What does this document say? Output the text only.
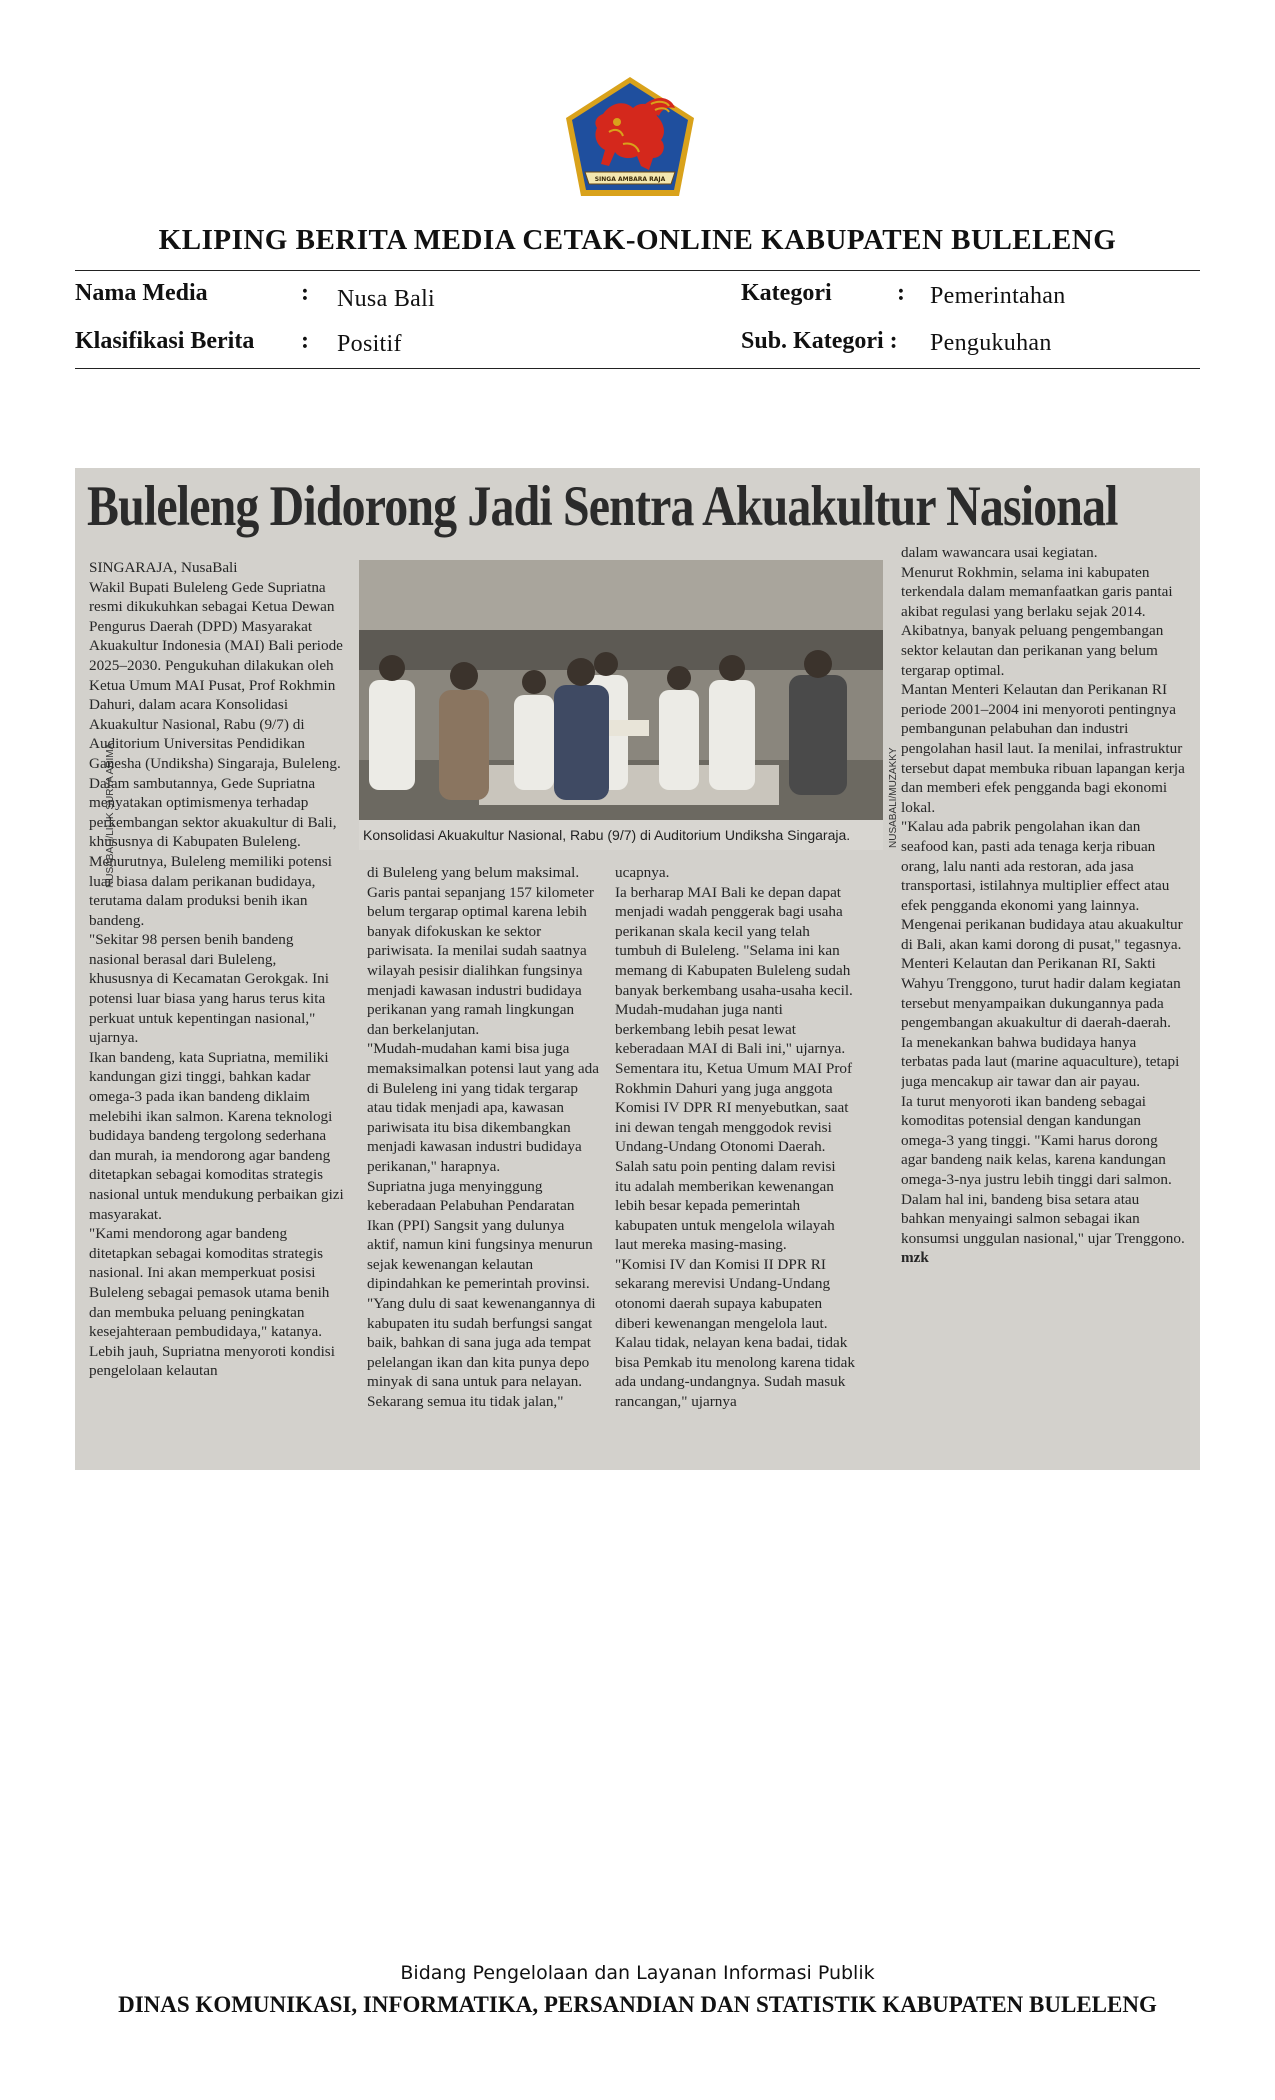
SINGA AMBARA RAJA
KLIPING BERITA MEDIA CETAK-ONLINE KABUPATEN BULELENG
Nama Media	: Nusa Bali
Klasifikasi Berita : Positif
Kategori	: Pemerintahan
Sub. Kategori : Pengukuhan
Buleleng Didorong Jadi Sentra Akuakultur Nasional
SINGARAJA, NusaBali
Wakil Bupati Buleleng Gede Supriatna resmi dikukuhkan sebagai Ketua Dewan Pengurus Daerah (DPD) Masyarakat Akuakultur Indonesia (MAI) Bali periode 2025–2030. Pengukuhan dilakukan oleh Ketua Umum MAI Pusat, Prof Rokhmin Dahuri, dalam acara Konsolidasi Akuakultur Nasional, Rabu (9/7) di Auditorium Universitas Pendidikan Ganesha (Undiksha) Singaraja, Buleleng.
Dalam sambutannya, Gede Supriatna menyatakan optimismenya terhadap perkembangan sektor akuakultur di Bali, khususnya di Kabupaten Buleleng. Menurutnya, Buleleng memiliki potensi luar biasa dalam perikanan budidaya, terutama dalam produksi benih ikan bandeng.
"Sekitar 98 persen benih bandeng nasional berasal dari Buleleng, khususnya di Kecamatan Gerokgak. Ini potensi luar biasa yang harus terus kita perkuat untuk kepentingan nasional," ujarnya.
Ikan bandeng, kata Supriatna, memiliki kandungan gizi tinggi, bahkan kadar omega-3 pada ikan bandeng diklaim melebihi ikan salmon. Karena teknologi budidaya bandeng tergolong sederhana dan murah, ia mendorong agar bandeng ditetapkan sebagai komoditas strategis nasional untuk mendukung perbaikan gizi masyarakat.
"Kami mendorong agar bandeng ditetapkan sebagai komoditas strategis nasional. Ini akan memperkuat posisi Buleleng sebagai pemasok utama benih dan membuka peluang peningkatan kesejahteraan pembudidaya," katanya.
Lebih jauh, Supriatna menyoroti kondisi pengelolaan kelautan
Konsolidasi Akuakultur Nasional, Rabu (9/7) di Auditorium Undiksha Singaraja.	NUSABALI/MUZAKKY
NUSABALI/LILIK SURYA ARIMA	di Buleleng yang belum maksimal. Garis pantai sepanjang 157 kilometer belum tergarap optimal karena lebih banyak difokuskan ke sektor pariwisata. Ia menilai sudah saatnya wilayah pesisir dialihkan fungsinya menjadi kawasan industri budidaya perikanan yang ramah lingkungan dan berkelanjutan.
"Mudah-mudahan kami bisa juga memaksimalkan potensi laut yang ada di Buleleng ini yang tidak tergarap atau tidak menjadi apa, kawasan pariwisata itu bisa dikembangkan menjadi kawasan industri budidaya perikanan," harapnya.
Supriatna juga menyinggung keberadaan Pelabuhan Pendaratan Ikan (PPI) Sangsit yang dulunya aktif, namun kini fungsinya menurun sejak kewenangan kelautan dipindahkan ke pemerintah provinsi.
"Yang dulu di saat kewenangannya di kabupaten itu sudah berfungsi sangat baik, bahkan di sana juga ada tempat pelelangan ikan dan kita punya depo minyak di sana untuk para nelayan. Sekarang semua itu tidak jalan,"
ucapnya.
Ia berharap MAI Bali ke depan dapat menjadi wadah penggerak bagi usaha perikanan skala kecil yang telah tumbuh di Buleleng. "Selama ini kan memang di Kabupaten Buleleng sudah banyak berkembang usaha-usaha kecil. Mudah-mudahan juga nanti berkembang lebih pesat lewat keberadaan MAI di Bali ini," ujarnya.
Sementara itu, Ketua Umum MAI Prof Rokhmin Dahuri yang juga anggota Komisi IV DPR RI menyebutkan, saat ini dewan tengah menggodok revisi Undang-Undang Otonomi Daerah. Salah satu poin penting dalam revisi itu adalah memberikan kewenangan lebih besar kepada pemerintah kabupaten untuk mengelola wilayah laut mereka masing-masing.
"Komisi IV dan Komisi II DPR RI sekarang merevisi Undang-Undang otonomi daerah supaya kabupaten diberi kewenangan mengelola laut. Kalau tidak, nelayan kena badai, tidak bisa Pemkab itu menolong karena tidak ada undang-undangnya. Sudah masuk rancangan," ujarnya
dalam wawancara usai kegiatan.
Menurut Rokhmin, selama ini kabupaten terkendala dalam memanfaatkan garis pantai akibat regulasi yang berlaku sejak 2014. Akibatnya, banyak peluang pengembangan sektor kelautan dan perikanan yang belum tergarap optimal.
Mantan Menteri Kelautan dan Perikanan RI periode 2001–2004 ini menyoroti pentingnya pembangunan pelabuhan dan industri pengolahan hasil laut. Ia menilai, infrastruktur tersebut dapat membuka ribuan lapangan kerja dan memberi efek pengganda bagi ekonomi lokal.
"Kalau ada pabrik pengolahan ikan dan seafood kan, pasti ada tenaga kerja ribuan orang, lalu nanti ada restoran, ada jasa transportasi, istilahnya multiplier effect atau efek pengganda ekonomi yang lainnya. Mengenai perikanan budidaya atau akuakultur di Bali, akan kami dorong di pusat," tegasnya.
Menteri Kelautan dan Perikanan RI, Sakti Wahyu Trenggono, turut hadir dalam kegiatan tersebut menyampaikan dukungannya pada pengembangan akuakultur di daerah-daerah. Ia menekankan bahwa budidaya hanya terbatas pada laut (marine aquaculture), tetapi juga mencakup air tawar dan air payau.
Ia turut menyoroti ikan bandeng sebagai komoditas potensial dengan kandungan omega-3 yang tinggi. "Kami harus dorong agar bandeng naik kelas, karena kandungan omega-3-nya justru lebih tinggi dari salmon. Dalam hal ini, bandeng bisa setara atau bahkan menyaingi salmon sebagai ikan konsumsi unggulan nasional," ujar Trenggono. mzk
Bidang Pengelolaan dan Layanan Informasi Publik
DINAS KOMUNIKASI, INFORMATIKA, PERSANDIAN DAN STATISTIK KABUPATEN BULELENG
